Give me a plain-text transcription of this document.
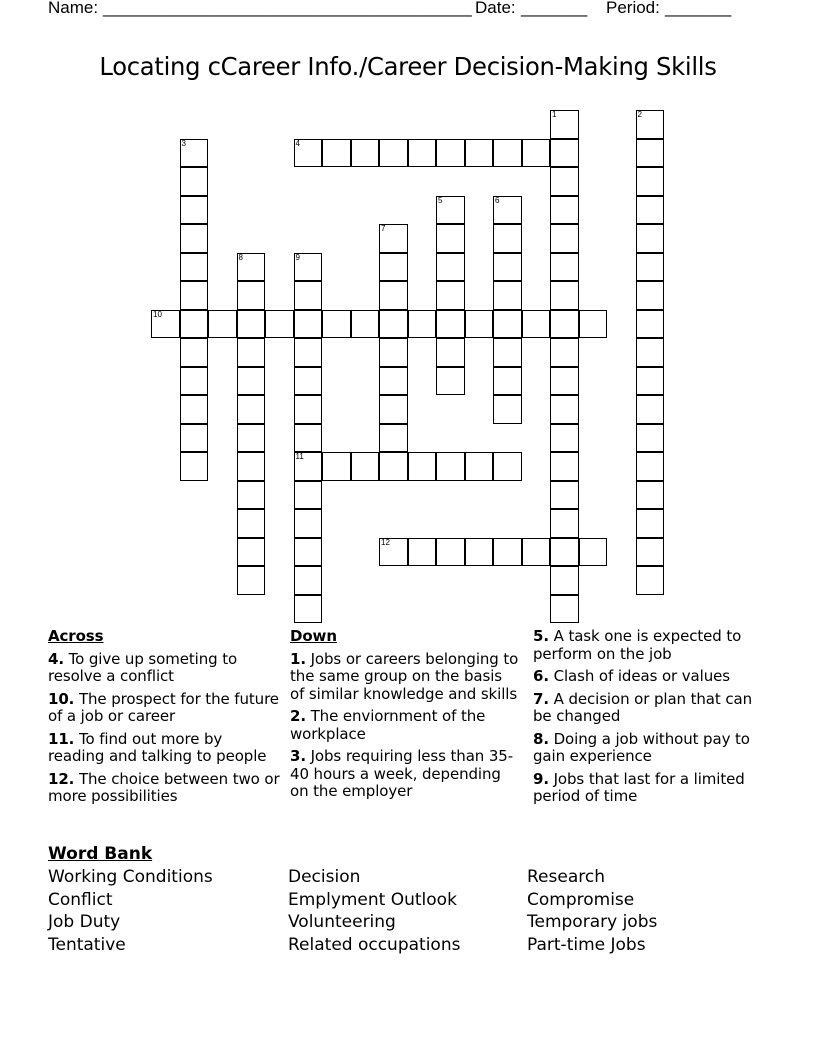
Name:

_______________________________________

Date:

_______

Period:

_______

Locating cCareer Info./Career Decision-Making Skills
1	2
3	4
5	6
7
8	9
11
10
12
Across
4. To give up someting to resolve a conflict
10. The prospect for the future of a job or career
11. To find out more by reading and talking to people
12. The choice between two or more possibilities
Down
1. Jobs or careers belonging to the same group on the basis of similar knowledge and skills
2. The enviornment of the workplace
3. Jobs requiring less than 35-40 hours a week, depending on the employer
5. A task one is expected to perform on the job
6. Clash of ideas or values
7. A decision or plan that can be changed
8. Doing a job without pay to gain experience
9. Jobs that last for a limited period of time
Word Bank
Working Conditions
Conflict
Job Duty
Tentative
Decision
Emplyment Outlook
Volunteering
Related occupations
Research
Compromise
Temporary jobs
Part-time Jobs
